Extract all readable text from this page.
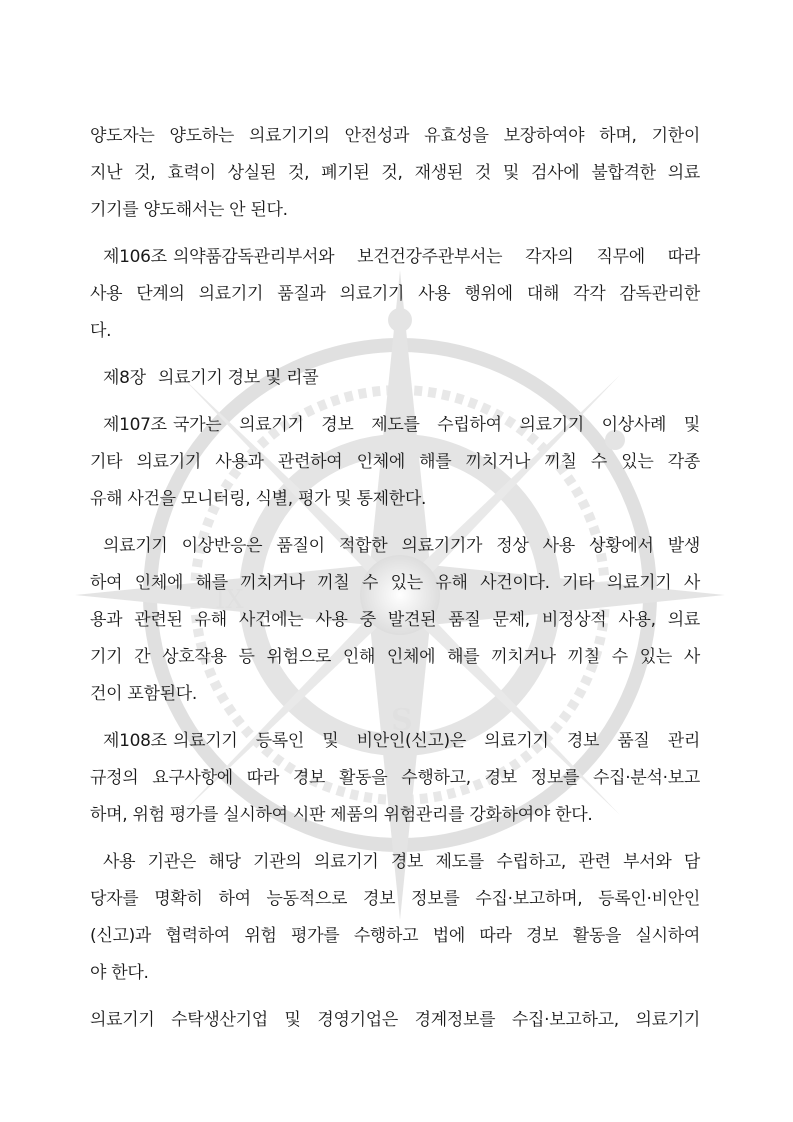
IX
S

양도자는 양도하는 의료기기의 안전성과 유효성을 보장하여야 하며, 기한이
지난 것, 효력이 상실된 것, 폐기된 것, 재생된 것 및 검사에 불합격한 의료
기기를 양도해서는 안 된다.

제106조 의약품감독관리부서와 보건건강주관부서는 각자의 직무에 따라
사용 단계의 의료기기 품질과 의료기기 사용 행위에 대해 각각 감독관리한
다.

제8장 의료기기 경보 및 리콜

제107조 국가는 의료기기 경보 제도를 수립하여 의료기기 이상사례 및
기타 의료기기 사용과 관련하여 인체에 해를 끼치거나 끼칠 수 있는 각종
유해 사건을 모니터링, 식별, 평가 및 통제한다.

의료기기 이상반응은 품질이 적합한 의료기기가 정상 사용 상황에서 발생
하여 인체에 해를 끼치거나 끼칠 수 있는 유해 사건이다. 기타 의료기기 사
용과 관련된 유해 사건에는 사용 중 발견된 품질 문제, 비정상적 사용, 의료
기기 간 상호작용 등 위험으로 인해 인체에 해를 끼치거나 끼칠 수 있는 사
건이 포함된다.

제108조 의료기기 등록인 및 비안인(신고)은 의료기기 경보 품질 관리
규정의 요구사항에 따라 경보 활동을 수행하고, 경보 정보를 수집·분석·보고
하며, 위험 평가를 실시하여 시판 제품의 위험관리를 강화하여야 한다.

사용 기관은 해당 기관의 의료기기 경보 제도를 수립하고, 관련 부서와 담
당자를 명확히 하여 능동적으로 경보 정보를 수집·보고하며, 등록인·비안인
(신고)과 협력하여 위험 평가를 수행하고 법에 따라 경보 활동을 실시하여
야 한다.

의료기기 수탁생산기업 및 경영기업은 경계정보를 수집·보고하고, 의료기기
